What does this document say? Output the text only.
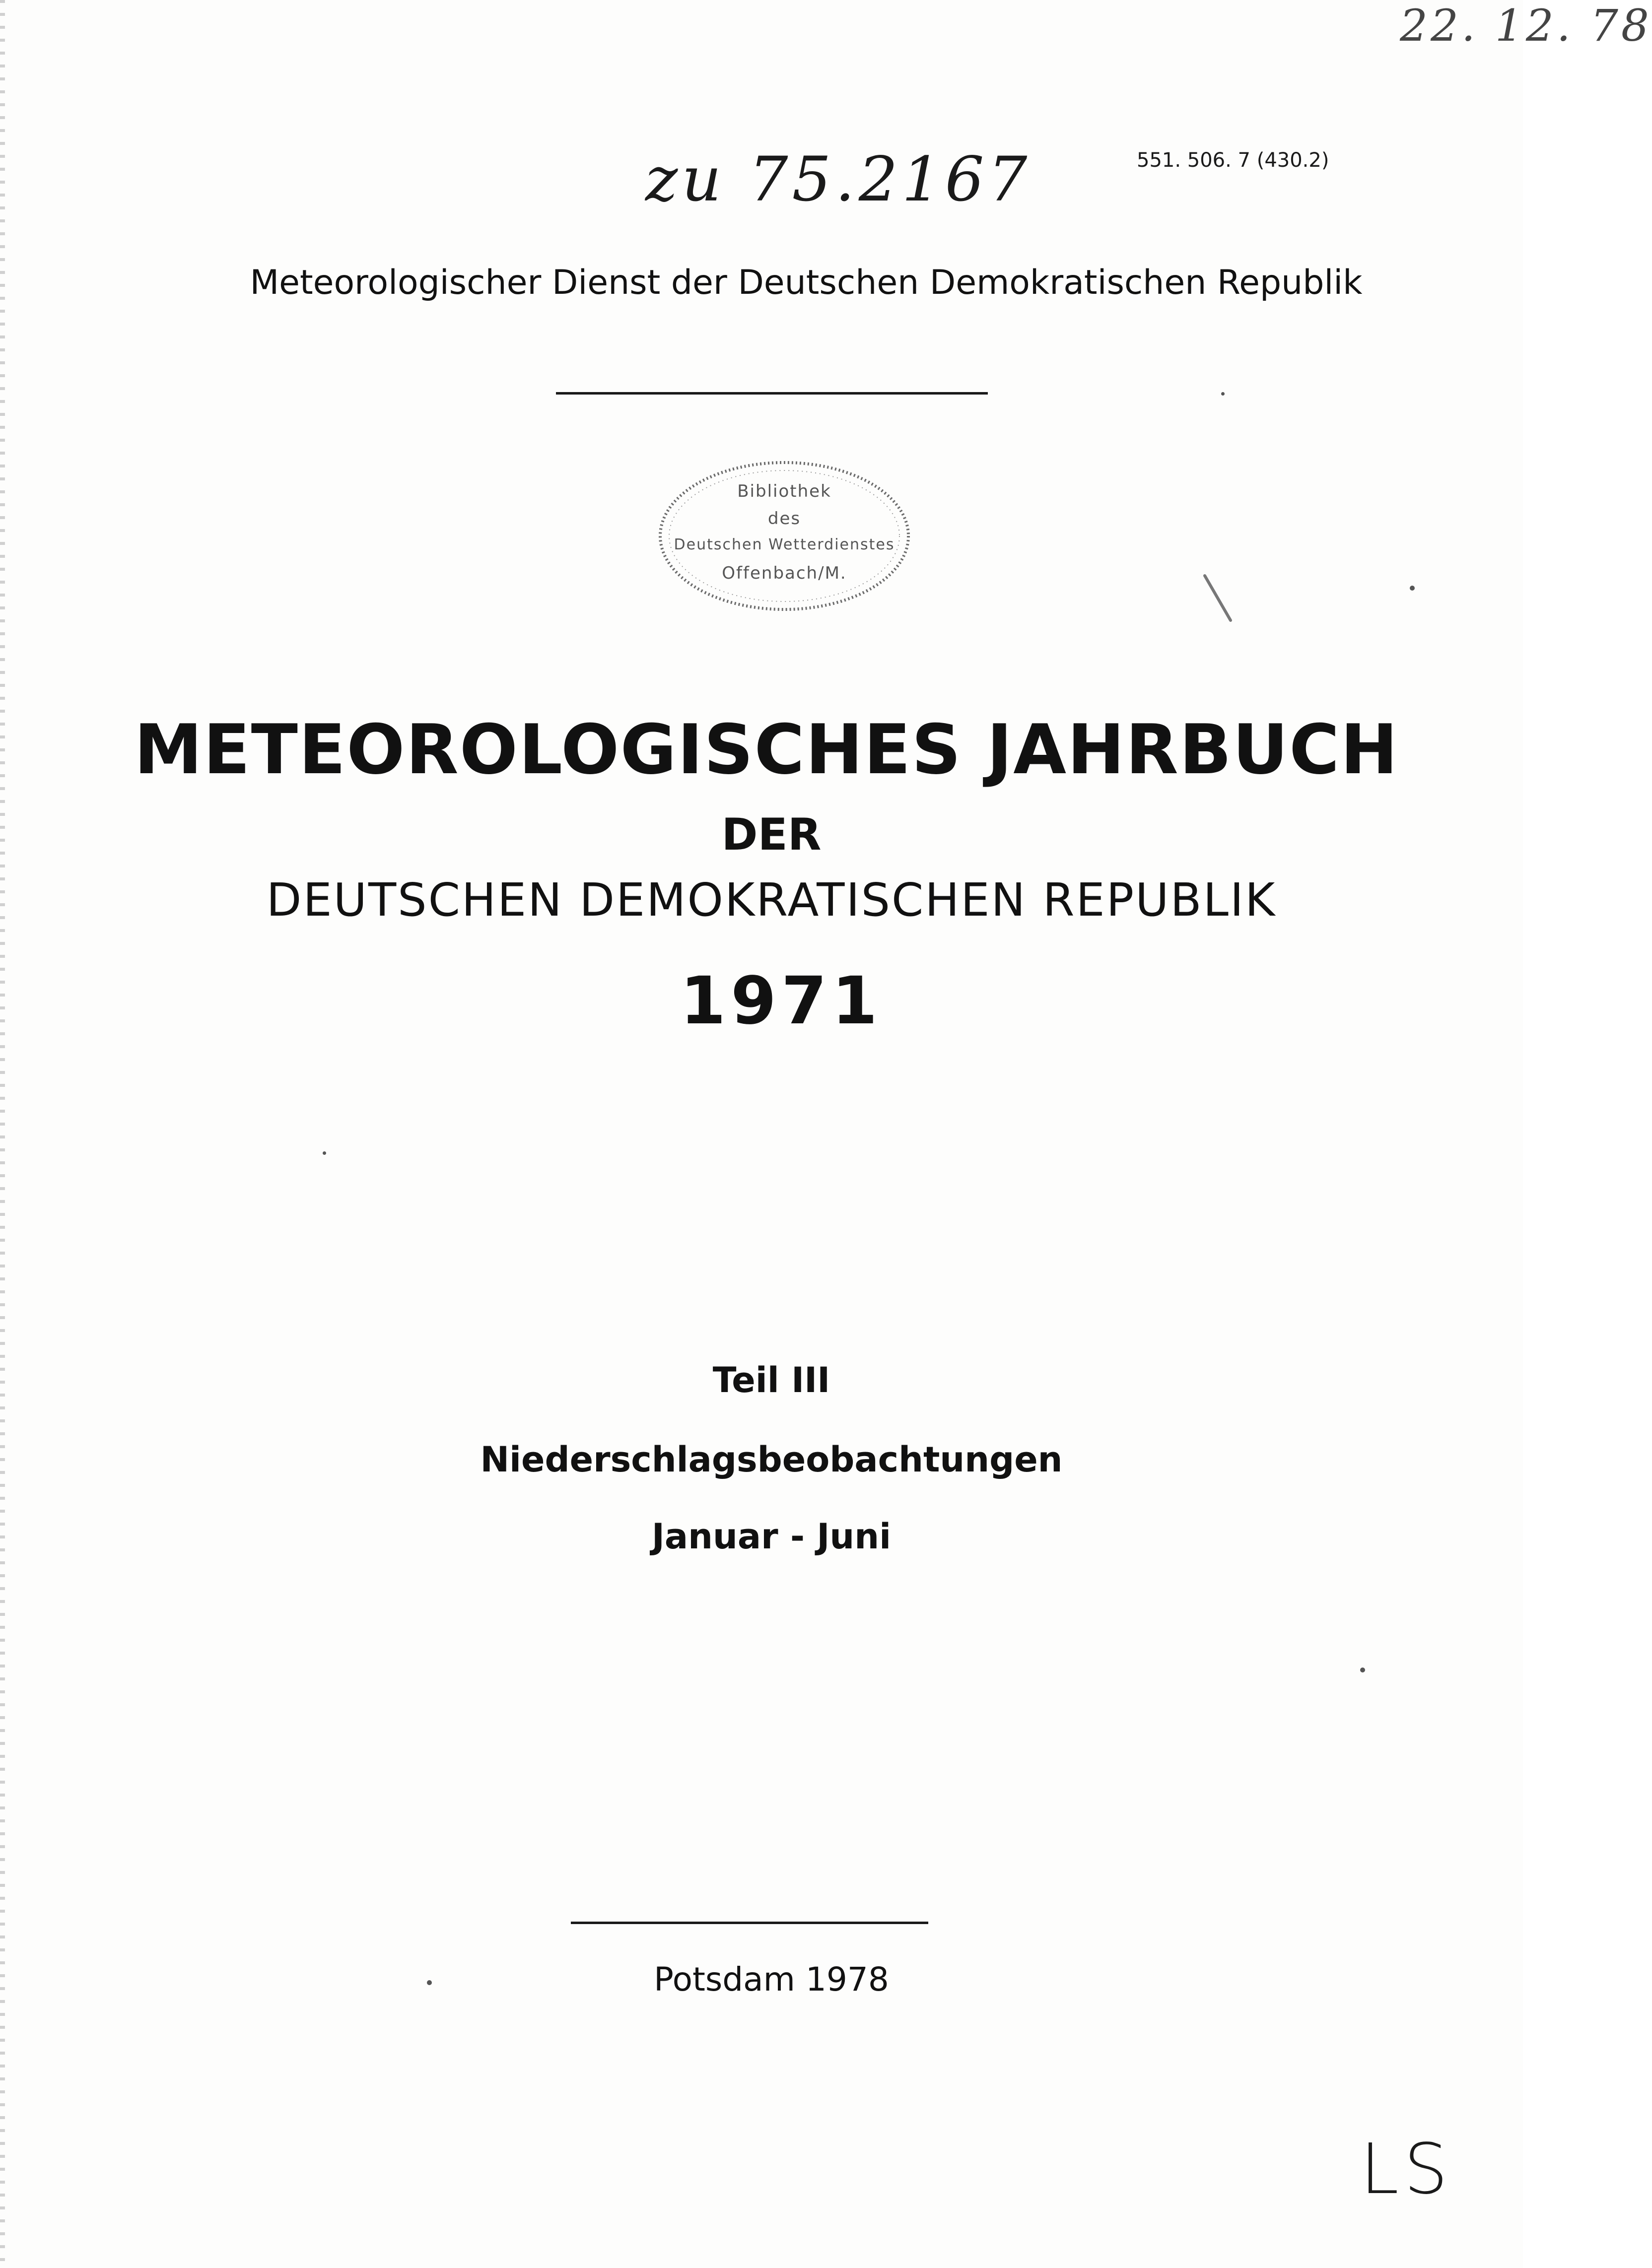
22. 12. 78
zu 75.2167	551. 506. 7 (430.2)
Meteorologischer Dienst der Deutschen Demokratischen Republik
Bibliothek
des
Deutschen Wetterdienstes
Offenbach/M.
METEOROLOGISCHES JAHRBUCH
DER
DEUTSCHEN DEMOKRATISCHEN REPUBLIK
1971
Teil III
Niederschlagsbeobachtungen
Januar - Juni
Potsdam 1978
LS
